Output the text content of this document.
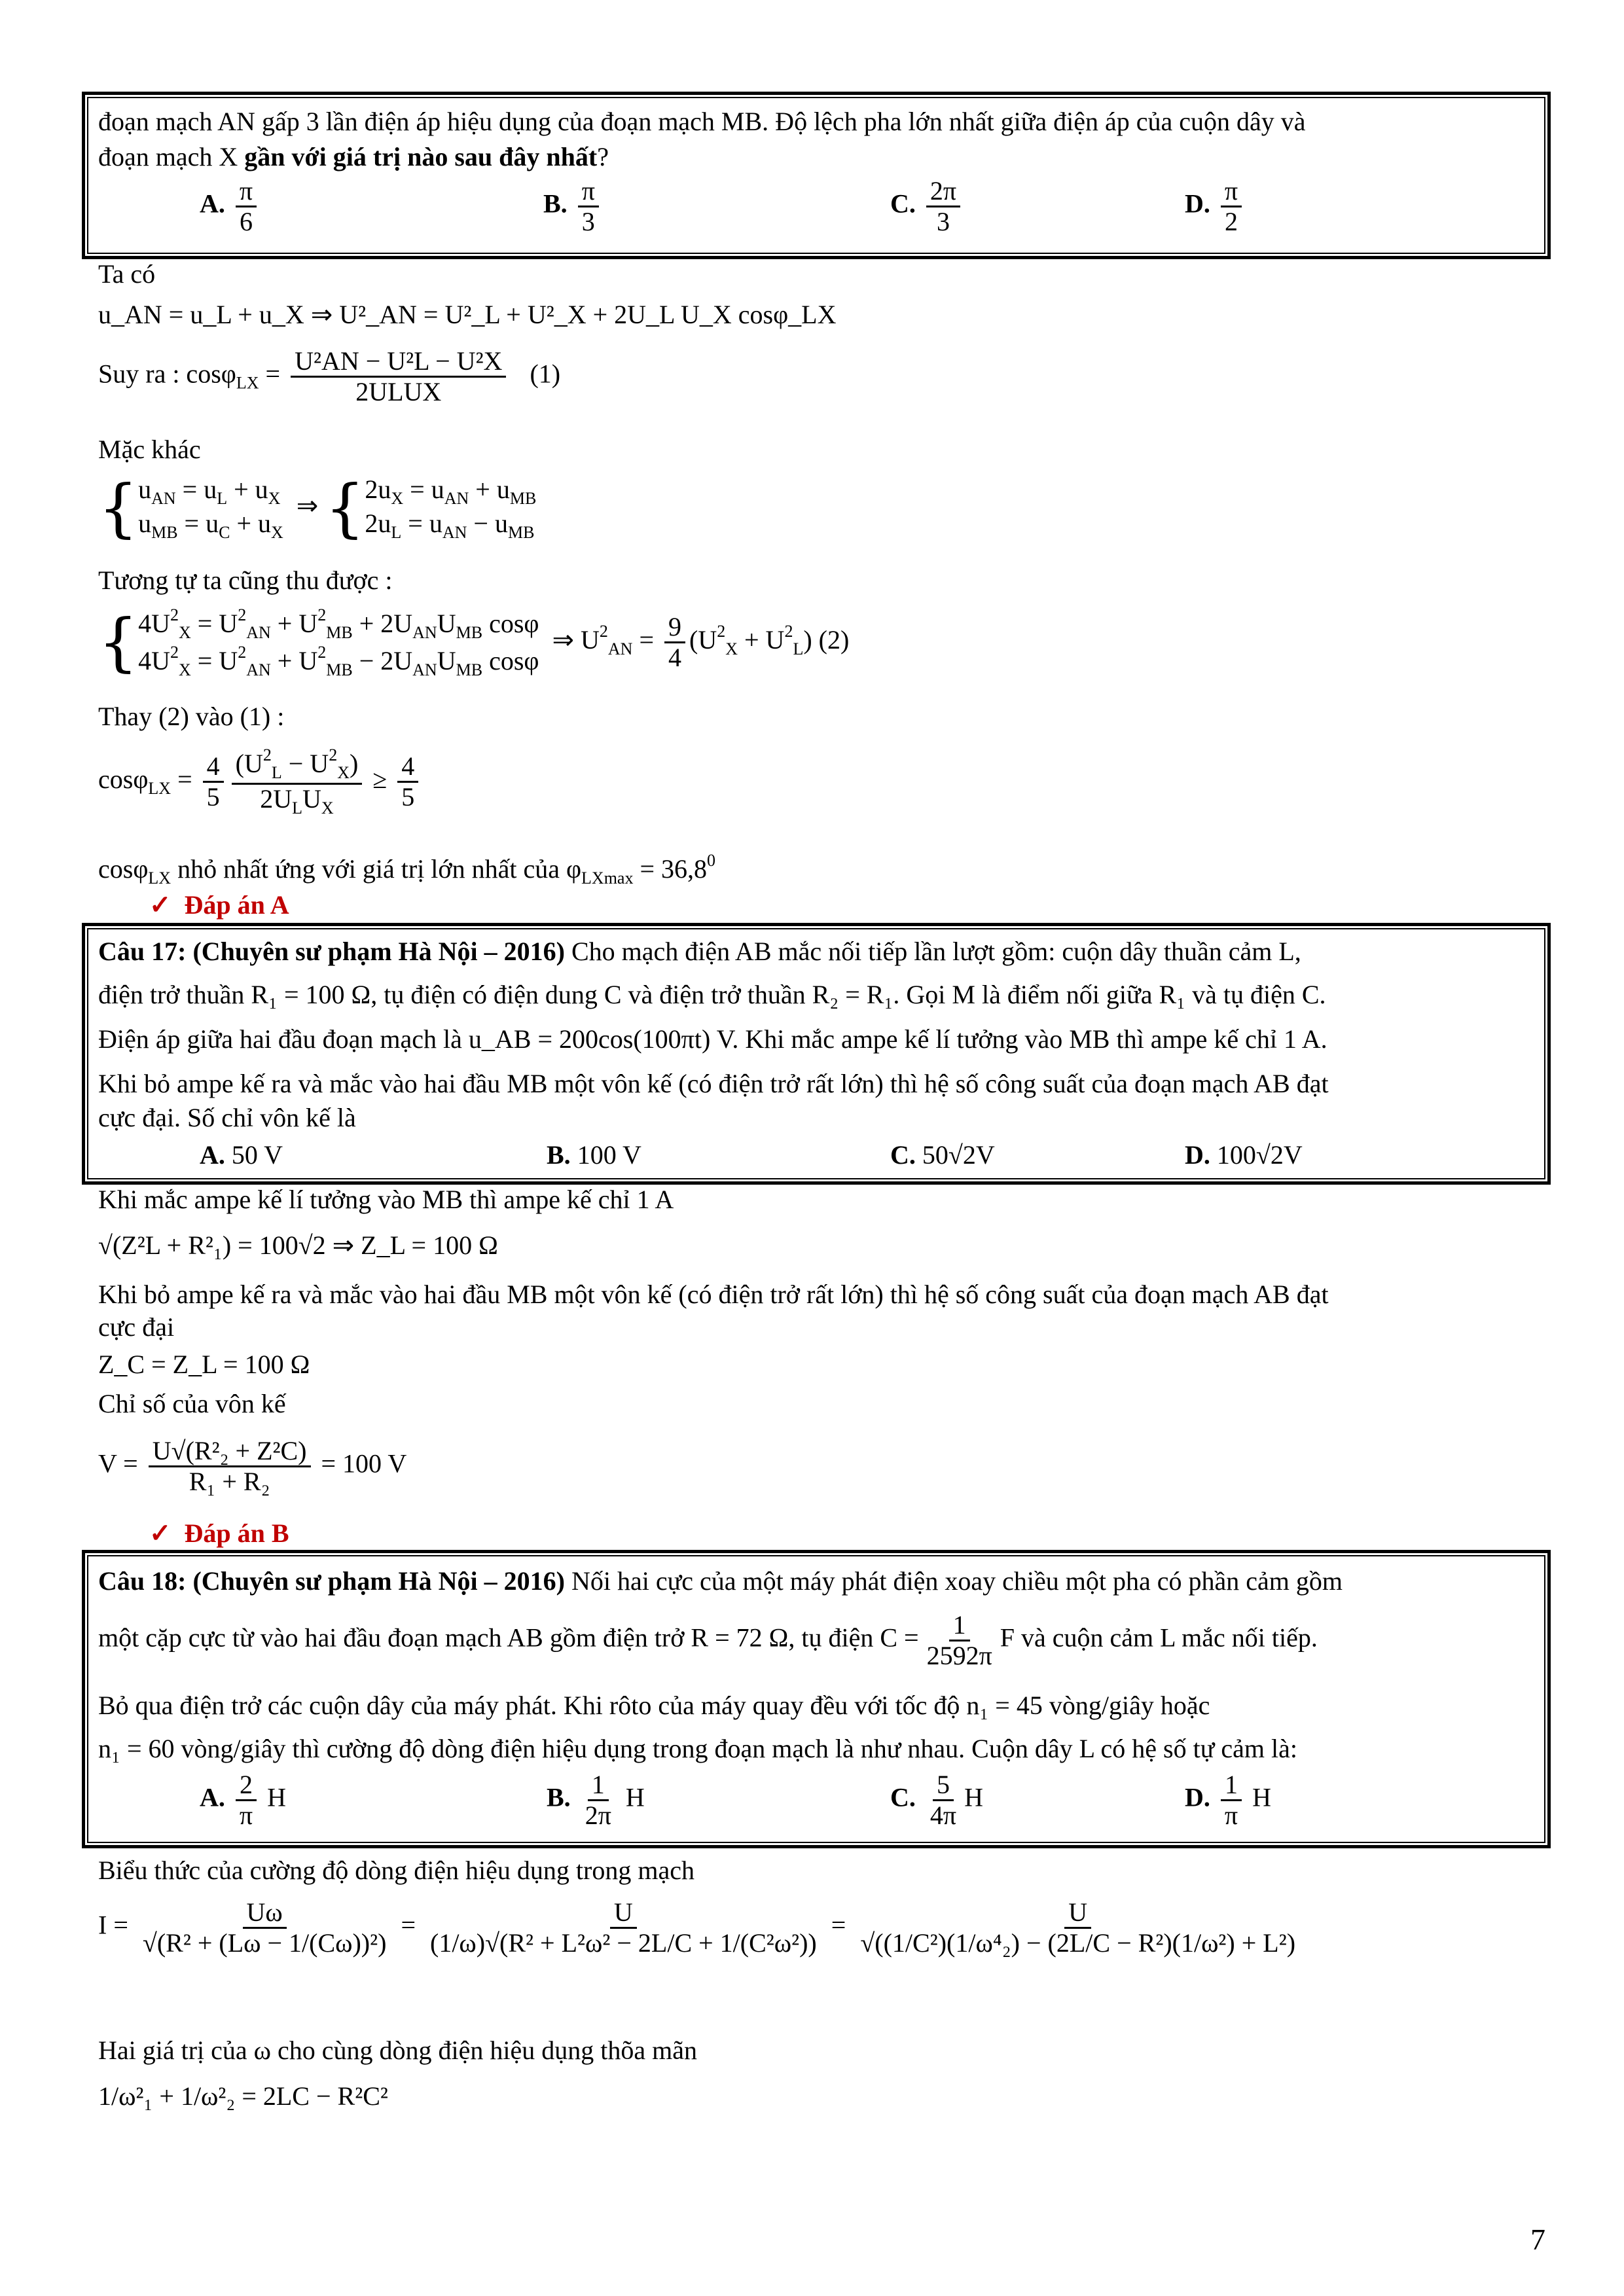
đoạn mạch AN gấp 3 lần điện áp hiệu dụng của đoạn mạch MB. Độ lệch pha lớn nhất giữa điện áp của cuộn dây và
đoạn mạch X gần với giá trị nào sau đây nhất?
A. $\frac{\pi}{6}$	B. $\frac{\pi}{3}$	C. $\frac{2\pi}{3}$	D. $\frac{\pi}{2}$
Ta có
u_AN = u_L + u_X ⇒ U²_AN = U²_L + U²_X + 2U_L U_X cosφ_LX
Suy ra : $\cos\varphi_{LX} = \frac{\text{U²AN − U²L − U²X}}{\text{2ULUX}} (1)$
Mặc khác
{ $u_{AN} = u_L + u_X$
$u_{MB} = u_C + u_X$
⇒ { $2u_X = u_{AN} + u_{MB}$
$2u_L = u_{AN} - u_{MB}$
Tương tự ta cũng thu được :
{ $4U^2_X = U^2_{AN} + U^2_{MB} + 2U_{AN}U_{MB}$ cosφ
$4U^2_X = U^2_{AN} + U^2_{MB} - 2U_{AN}U_{MB}$ cosφ
⇒ $U^2_{AN} = \frac{9}{4} (U^2_X + U^2_L)$ (2)
Thay (2) vào (1) :
$\cos\varphi_{LX} = \frac{4}{5} \frac{(U^2_L - U^2_X)}{2U_LU_X} \ge \frac{4}{5}$
cosφ$_{LX}$ nhỏ nhất ứng với giá trị lớn nhất của $\varphi_{LXmax} = 36,8^0$
✓ Đáp án A
Câu 17: (Chuyên sư phạm Hà Nội – 2016) Cho mạch điện AB mắc nối tiếp lần lượt gồm: cuộn dây thuần cảm L,
điện trở thuần R₁ = 100 Ω, tụ điện có điện dung C và điện trở thuần R₂ = R₁. Gọi M là điểm nối giữa R₁ và tụ điện C.
Điện áp giữa hai đầu đoạn mạch là u_AB = 200cos(100πt) V. Khi mắc ampe kế lí tưởng vào MB thì ampe kế chỉ 1 A.
Khi bỏ ampe kế ra và mắc vào hai đầu MB một vôn kế (có điện trở rất lớn) thì hệ số công suất của đoạn mạch AB đạt
cực đại. Số chỉ vôn kế là
A. 50 V	B. 100 V	C. 50√2V	D. 100√2V
Khi mắc ampe kế lí tưởng vào MB thì ampe kế chỉ 1 A
√(Z²L + R²₁) = 100√2 ⇒ Z_L = 100 Ω
Khi bỏ ampe kế ra và mắc vào hai đầu MB một vôn kế (có điện trở rất lớn) thì hệ số công suất của đoạn mạch AB đạt
cực đại
Z_C = Z_L = 100 Ω
Chỉ số của vôn kế
$V = \frac{\text{U√(R²₂ + Z²C)}}{\text{R₁ + R₂}} = 100$ V
✓ Đáp án B
Câu 18: (Chuyên sư phạm Hà Nội – 2016) Nối hai cực của một máy phát điện xoay chiều một pha có phần cảm gồm
một cặp cực từ vào hai đầu đoạn mạch AB gồm điện trở R = 72 Ω, tụ điện $C = \frac{1}{2592\pi}$ F và cuộn cảm L mắc nối tiếp.
Bỏ qua điện trở các cuộn dây của máy phát. Khi rôto của máy quay đều với tốc độ n₁ = 45 vòng/giây hoặc
n₁ = 60 vòng/giây thì cường độ dòng điện hiệu dụng trong đoạn mạch là như nhau. Cuộn dây L có hệ số tự cảm là:
A. $\frac{2}{\pi}$ H	B. $\frac{1}{2\pi}$ H	C. $\frac{5}{4\pi}$ H	D. $\frac{1}{\pi}$ H
Biểu thức của cường độ dòng điện hiệu dụng trong mạch
$I = \frac{U\omega}{\text{√(R² + (Lω − 1/(Cω))²)}} = \frac{U}{\text{(1/ω)√(R² + L²ω² − 2L/C + 1/(C²ω²))}} = \frac{U}{\text{√((1/C²)(1/ω⁴₂) − (2L/C − R²)(1/ω²) + L²)}}$
Hai giá trị của ω cho cùng dòng điện hiệu dụng thõa mãn
1/ω²₁ + 1/ω²₂ = 2LC − R²C²
7
